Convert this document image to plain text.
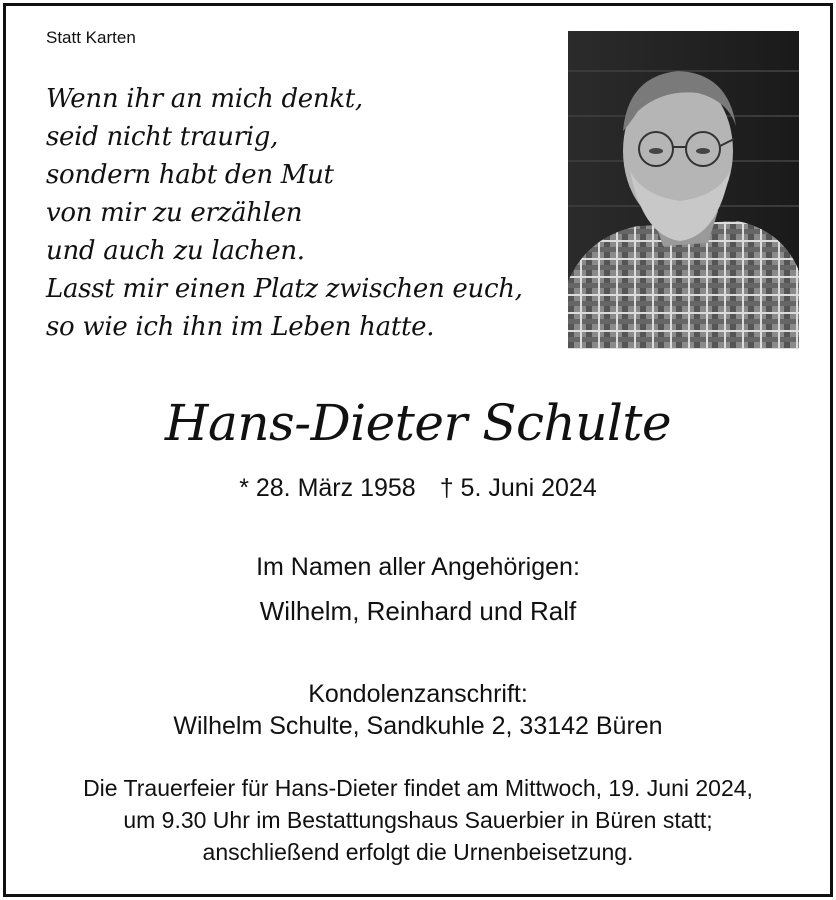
Statt Karten
Wenn ihr an mich denkt,
seid nicht traurig,
sondern habt den Mut
von mir zu erzählen
und auch zu lachen.
Lasst mir einen Platz zwischen euch,
so wie ich ihn im Leben hatte.
Hans-Dieter Schulte
* 28. März 1958 † 5. Juni 2024
Im Namen aller Angehörigen:
Wilhelm, Reinhard und Ralf
Kondolenzanschrift:
Wilhelm Schulte, Sandkuhle 2, 33142 Büren
Die Trauerfeier für Hans-Dieter findet am Mittwoch, 19. Juni 2024,
um 9.30 Uhr im Bestattungshaus Sauerbier in Büren statt;
anschließend erfolgt die Urnenbeisetzung.
